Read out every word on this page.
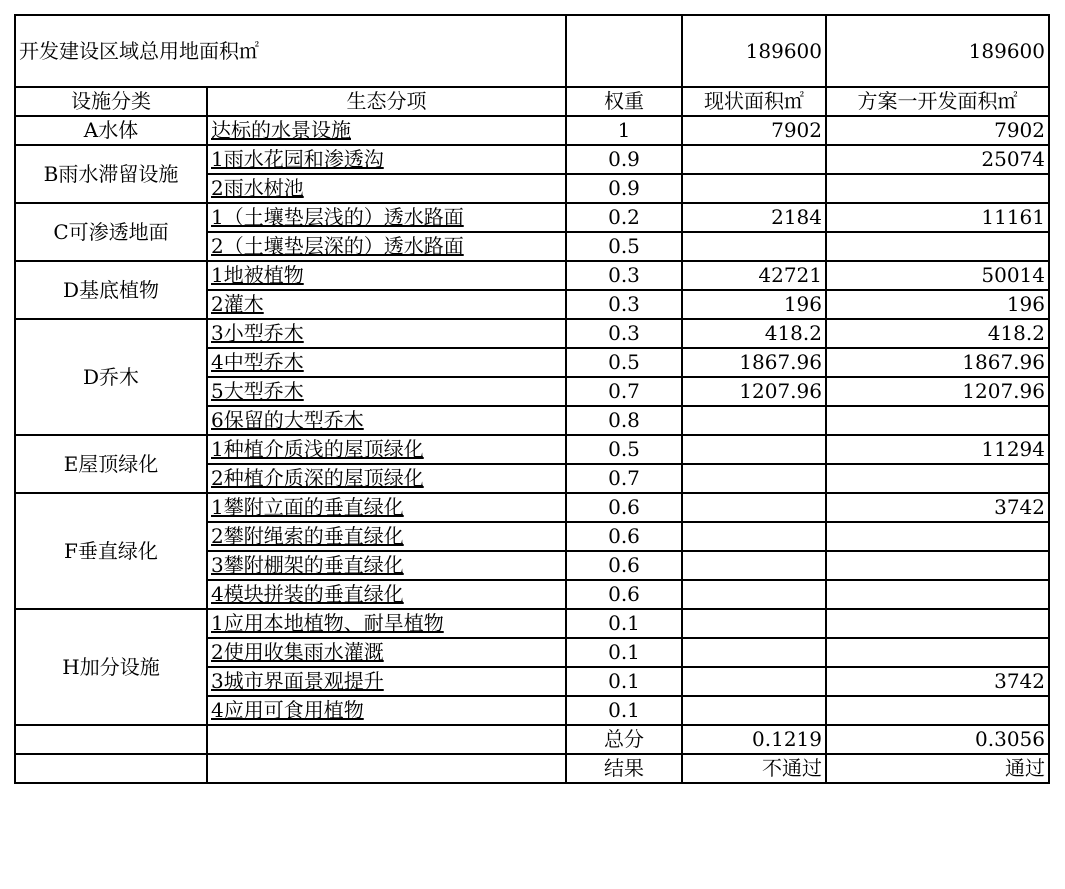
开发建设区域总用地面积㎡			189600	189600
设施分类	生态分项	权重	现状面积㎡	方案一开发面积㎡
A水体	达标的水景设施	1	7902	7902
B雨水滞留设施	1雨水花园和渗透沟	0.9		25074
	2雨水树池	0.9		
C可渗透地面	1（土壤垫层浅的）透水路面	0.2	2184	11161
	2（土壤垫层深的）透水路面	0.5		
D基底植物	1地被植物	0.3	42721	50014
	2灌木	0.3	196	196
D乔木	3小型乔木	0.3	418.2	418.2
	4中型乔木	0.5	1867.96	1867.96
	5大型乔木	0.7	1207.96	1207.96
	6保留的大型乔木	0.8		
E屋顶绿化	1种植介质浅的屋顶绿化	0.5		11294
	2种植介质深的屋顶绿化	0.7		
F垂直绿化	1攀附立面的垂直绿化	0.6		3742
	2攀附绳索的垂直绿化	0.6		
	3攀附棚架的垂直绿化	0.6		
	4模块拼装的垂直绿化	0.6		
H加分设施	1应用本地植物、耐旱植物	0.1		
	2使用收集雨水灌溉	0.1		
	3城市界面景观提升	0.1		3742
	4应用可食用植物	0.1		
		总分	0.1219	0.3056
		结果	不通过	通过
